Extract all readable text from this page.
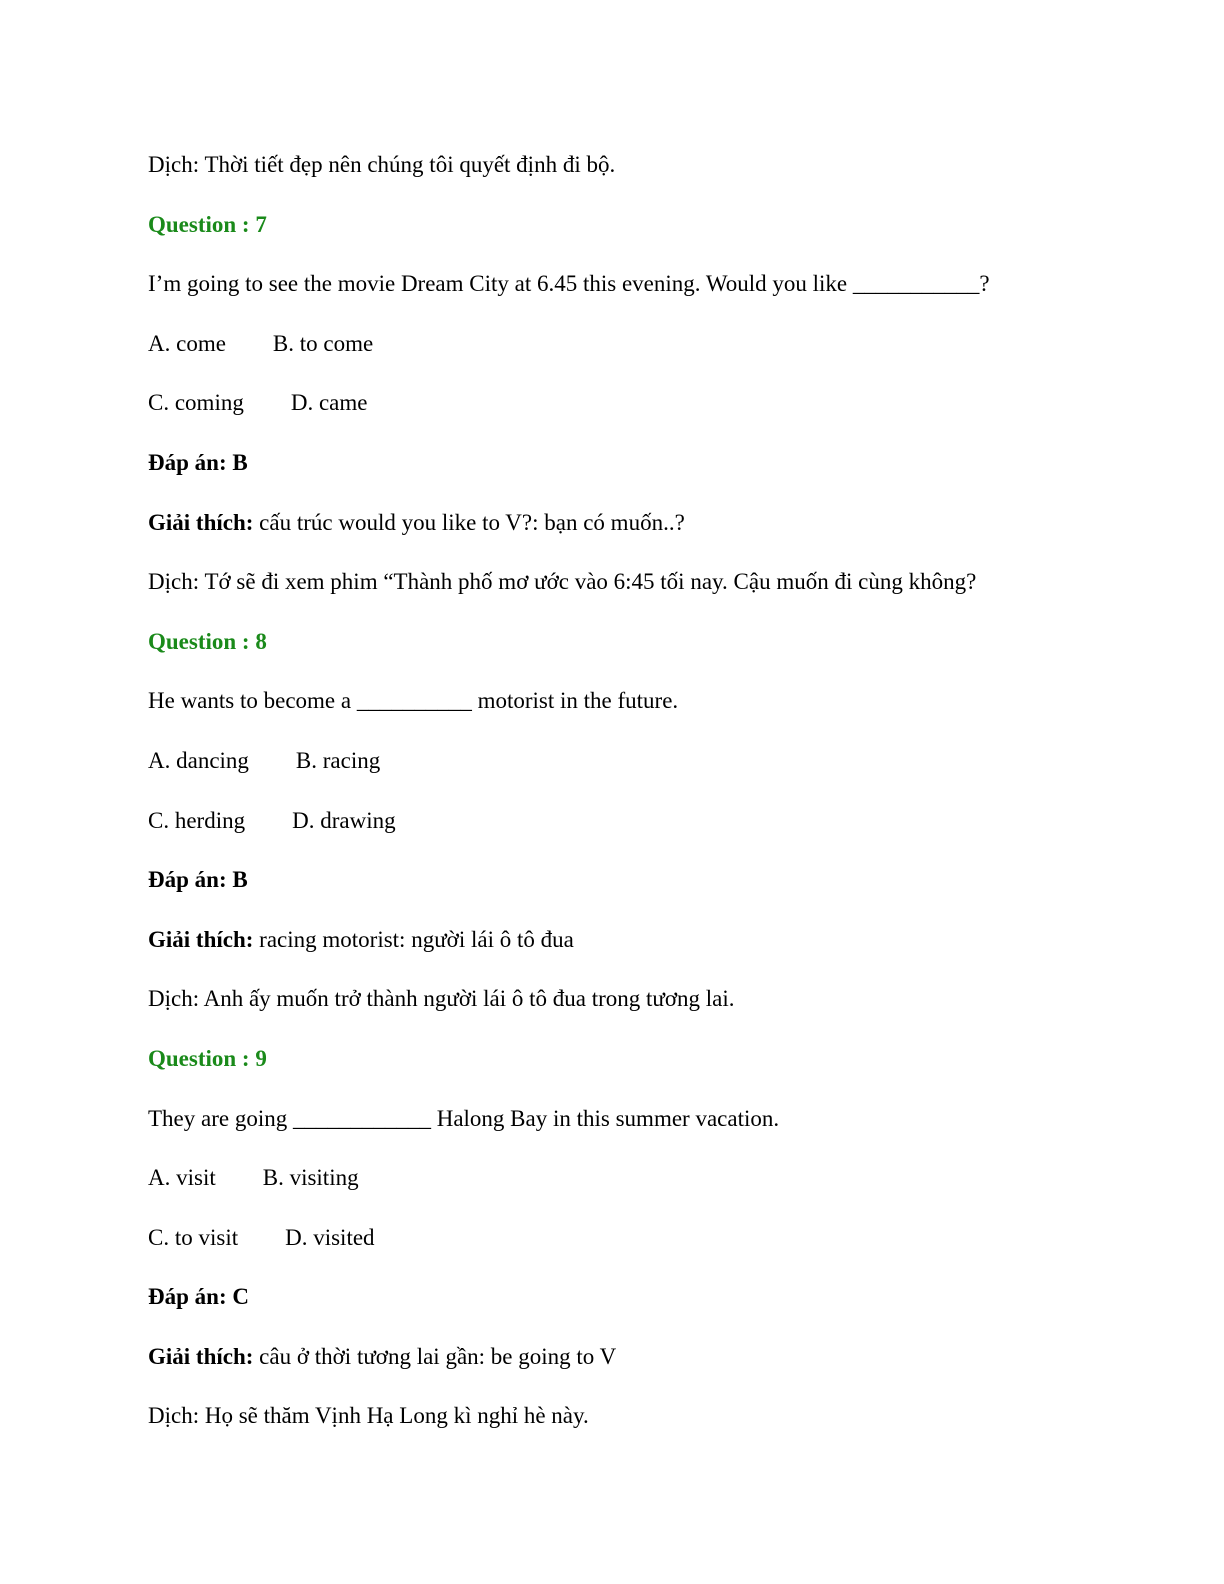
Dịch: Thời tiết đẹp nên chúng tôi quyết định đi bộ.
Question : 7
I’m going to see the movie Dream City at 6.45 this evening. Would you like ___________?
A. come B. to come
C. coming D. came
Đáp án: B
Giải thích: cấu trúc would you like to V?: bạn có muốn..?
Dịch: Tớ sẽ đi xem phim “Thành phố mơ ước vào 6:45 tối nay. Cậu muốn đi cùng không?
Question : 8
He wants to become a __________ motorist in the future.
A. dancing B. racing
C. herding D. drawing
Đáp án: B
Giải thích: racing motorist: người lái ô tô đua
Dịch: Anh ấy muốn trở thành người lái ô tô đua trong tương lai.
Question : 9
They are going ____________ Halong Bay in this summer vacation.
A. visit B. visiting
C. to visit D. visited
Đáp án: C
Giải thích: câu ở thời tương lai gần: be going to V
Dịch: Họ sẽ thăm Vịnh Hạ Long kì nghỉ hè này.
